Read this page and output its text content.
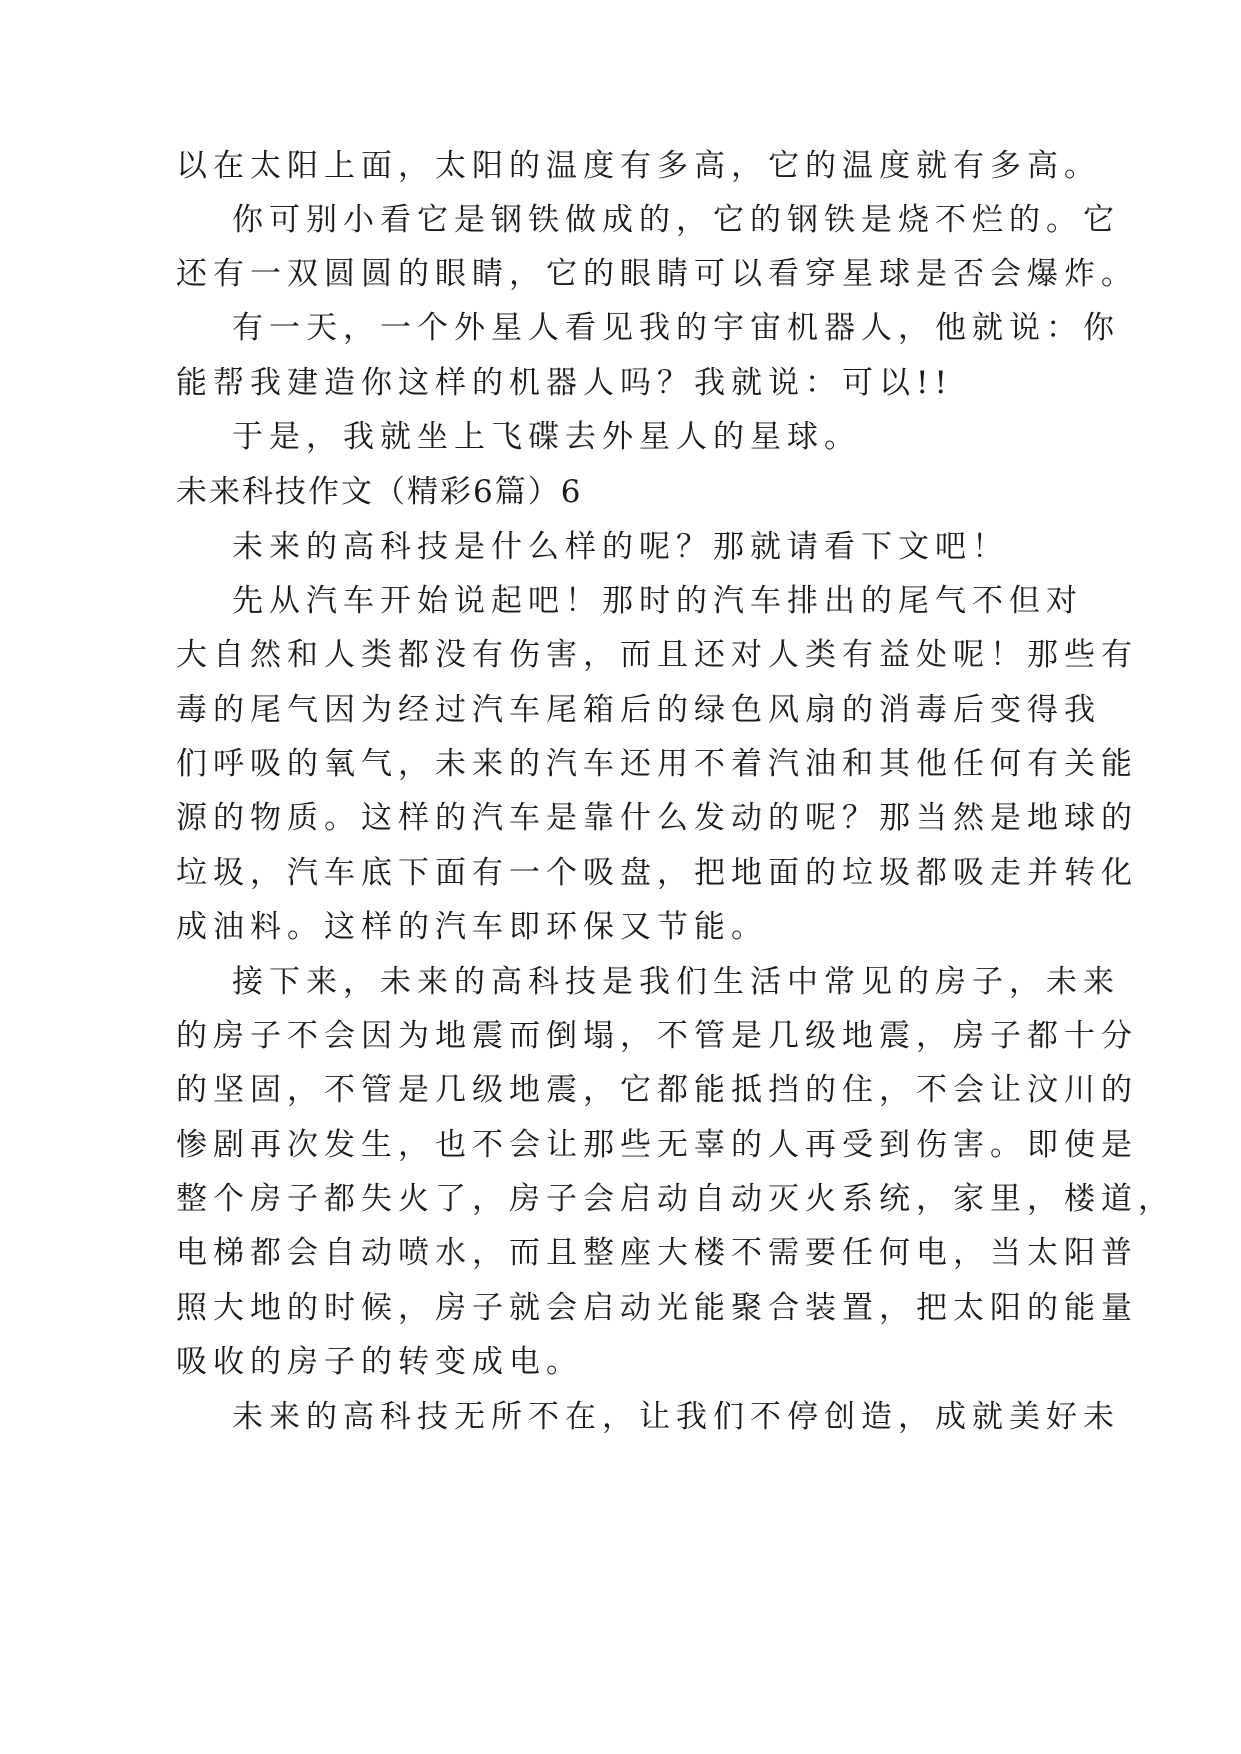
以在太阳上面，太阳的温度有多高，它的温度就有多高。
你可别小看它是钢铁做成的，它的钢铁是烧不烂的。它
还有一双圆圆的眼睛，它的眼睛可以看穿星球是否会爆炸。
有一天，一个外星人看见我的宇宙机器人，他就说：你
能帮我建造你这样的机器人吗？我就说：可以!!
于是，我就坐上飞碟去外星人的星球。
未来科技作文（精彩6篇）6
未来的高科技是什么样的呢？那就请看下文吧！
先从汽车开始说起吧！那时的汽车排出的尾气不但对
大自然和人类都没有伤害，而且还对人类有益处呢！那些有
毒的尾气因为经过汽车尾箱后的绿色风扇的消毒后变得我
们呼吸的氧气，未来的汽车还用不着汽油和其他任何有关能
源的物质。这样的汽车是靠什么发动的呢？那当然是地球的
垃圾，汽车底下面有一个吸盘，把地面的垃圾都吸走并转化
成油料。这样的汽车即环保又节能。
接下来，未来的高科技是我们生活中常见的房子，未来
的房子不会因为地震而倒塌，不管是几级地震，房子都十分
的坚固，不管是几级地震，它都能抵挡的住，不会让汶川的
惨剧再次发生，也不会让那些无辜的人再受到伤害。即使是
整个房子都失火了，房子会启动自动灭火系统，家里，楼道，
电梯都会自动喷水，而且整座大楼不需要任何电，当太阳普
照大地的时候，房子就会启动光能聚合装置，把太阳的能量
吸收的房子的转变成电。
未来的高科技无所不在，让我们不停创造，成就美好未
